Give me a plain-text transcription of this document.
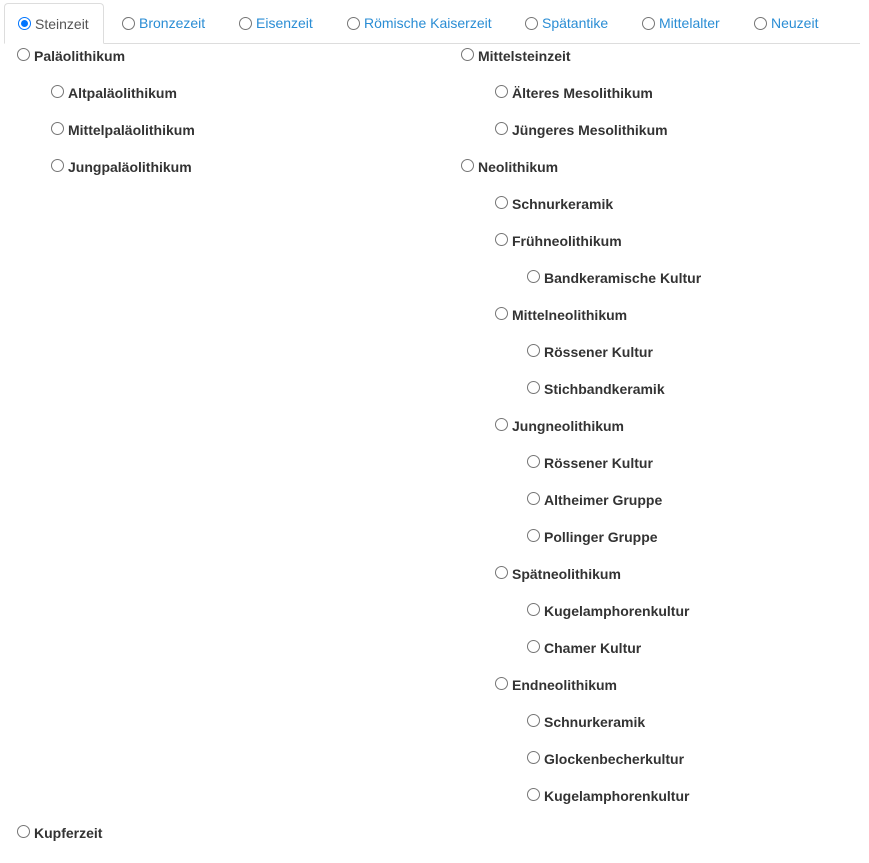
Steinzeit	Bronzezeit	Eisenzeit	Römische Kaiserzeit	Spätantike	Mittelalter	Neuzeit
Paläolithikum
Altpaläolithikum
Mittelpaläolithikum
Jungpaläolithikum
Mittelsteinzeit
Älteres Mesolithikum
Jüngeres Mesolithikum
Neolithikum
Schnurkeramik
Frühneolithikum
Bandkeramische Kultur
Mittelneolithikum
Rössener Kultur
Stichbandkeramik
Jungneolithikum
Rössener Kultur
Altheimer Gruppe
Pollinger Gruppe
Spätneolithikum
Kugelamphorenkultur
Chamer Kultur
Endneolithikum
Schnurkeramik
Glockenbecherkultur
Kugelamphorenkultur
Kupferzeit
